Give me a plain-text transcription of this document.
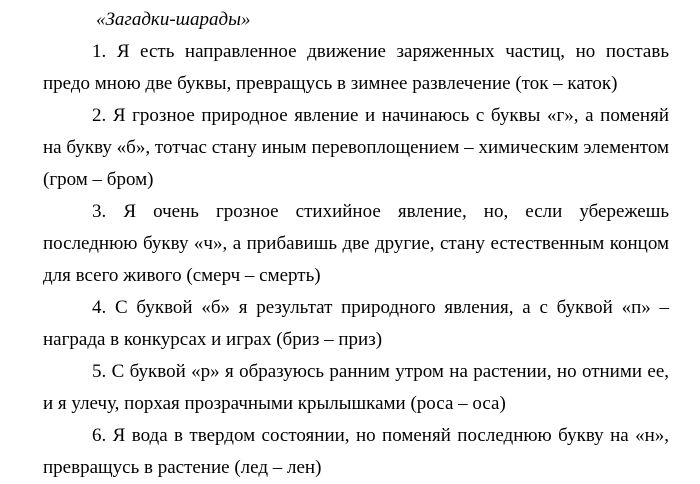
«Загадки-шарады»

1. Я есть направленное движение заряженных частиц, но поставь предо мною две буквы, превращусь в зимнее развлечение (ток – каток)

2. Я грозное природное явление и начинаюсь с буквы «г», а поменяй на букву «б», тотчас стану иным перевоплощением – химическим элементом (гром – бром)

3. Я очень грозное стихийное явление, но, если убережешь последнюю букву «ч», а прибавишь две другие, стану естественным концом для всего живого (смерч – смерть)

4. С буквой «б» я результат природного явления, а с буквой «п» – награда в конкурсах и играх (бриз – приз)

5. С буквой «р» я образуюсь ранним утром на растении, но отними ее, и я улечу, порхая прозрачными крылышками (роса – оса)

6. Я вода в твердом состоянии, но поменяй последнюю букву на «н», превращусь в растение (лед – лен)
